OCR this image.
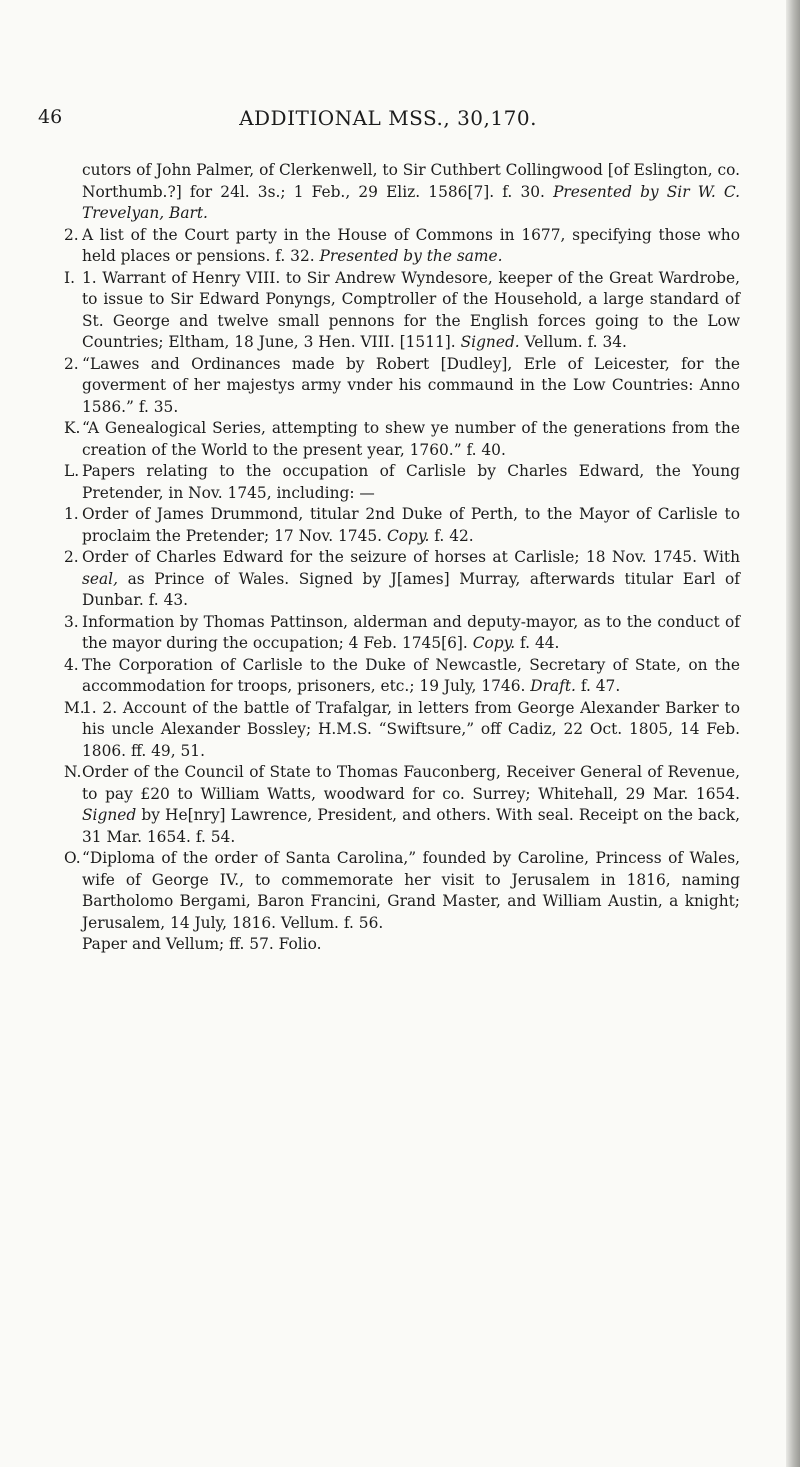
46	ADDITIONAL MSS., 30,170.
cutors of John Palmer, of Clerkenwell, to Sir Cuthbert Collingwood [of Eslington, co. Northumb.?] for 24l. 3s.; 1 Feb., 29 Eliz. 1586[7]. f. 30. Presented by Sir W. C. Trevelyan, Bart.
2. A list of the Court party in the House of Commons in 1677, specifying those who held places or pensions. f. 32. Presented by the same.
I. 1. Warrant of Henry VIII. to Sir Andrew Wyndesore, keeper of the Great Wardrobe, to issue to Sir Edward Ponyngs, Comptroller of the Household, a large standard of St. George and twelve small pennons for the English forces going to the Low Countries; Eltham, 18 June, 3 Hen. VIII. [1511]. Signed. Vellum. f. 34.
2. “Lawes and Ordinances made by Robert [Dudley], Erle of Leicester, for the goverment of her majestys army vnder his commaund in the Low Countries: Anno 1586.” f. 35.
K. “A Genealogical Series, attempting to shew ye number of the generations from the creation of the World to the present year, 1760.” f. 40.
L. Papers relating to the occupation of Carlisle by Charles Edward, the Young Pretender, in Nov. 1745, including: —
1. Order of James Drummond, titular 2nd Duke of Perth, to the Mayor of Carlisle to proclaim the Pretender; 17 Nov. 1745. Copy. f. 42.
2. Order of Charles Edward for the seizure of horses at Carlisle; 18 Nov. 1745. With seal, as Prince of Wales. Signed by J[ames] Murray, afterwards titular Earl of Dunbar. f. 43.
3. Information by Thomas Pattinson, alderman and deputy-mayor, as to the conduct of the mayor during the occupation; 4 Feb. 1745[6]. Copy. f. 44.
4. The Corporation of Carlisle to the Duke of Newcastle, Secretary of State, on the accommodation for troops, prisoners, etc.; 19 July, 1746. Draft. f. 47.
M.1. 2. Account of the battle of Trafalgar, in letters from George Alexander Barker to his uncle Alexander Bossley; H.M.S. “Swiftsure,” off Cadiz, 22 Oct. 1805, 14 Feb. 1806. ff. 49, 51.
N.Order of the Council of State to Thomas Fauconberg, Receiver General of Revenue, to pay £20 to William Watts, woodward for co. Surrey; Whitehall, 29 Mar. 1654. Signed by He[nry] Lawrence, President, and others. With seal. Receipt on the back, 31 Mar. 1654. f. 54.
O.“Diploma of the order of Santa Carolina,” founded by Caroline, Princess of Wales, wife of George IV., to commemorate her visit to Jerusalem in 1816, naming Bartholomo Bergami, Baron Francini, Grand Master, and William Austin, a knight; Jerusalem, 14 July, 1816. Vellum. f. 56.
Paper and Vellum; ff. 57. Folio.
